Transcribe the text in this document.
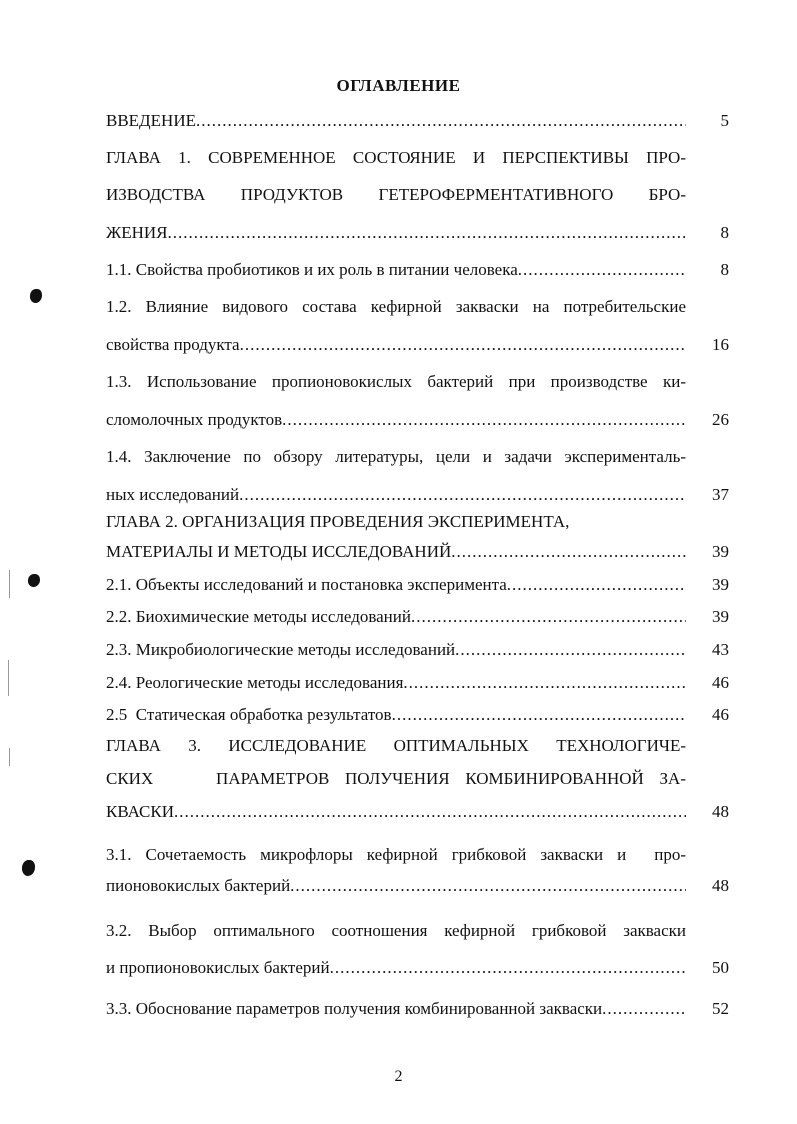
ОГЛАВЛЕНИЕ
ВВЕДЕНИЕ .....	5
ГЛАВА 1. СОВРЕМЕННОЕ СОСТОЯНИЕ И ПЕРСПЕКТИВЫ ПРО-
ИЗВОДСТВА ПРОДУКТОВ ГЕТЕРОФЕРМЕНТАТИВНОГО БРО-
ЖЕНИЯ .....	8
1.1. Свойства пробиотиков и их роль в питании человека .....	8
1.2. Влияние видового состава кефирной закваски на потребительские
свойства продукта .....	16
1.3. Использование пропионовокислых бактерий при производстве ки-
сломолочных продуктов .....	26
1.4. Заключение по обзору литературы, цели и задачи эксперименталь-
ных исследований .....	37
ГЛАВА 2. ОРГАНИЗАЦИЯ ПРОВЕДЕНИЯ ЭКСПЕРИМЕНТА,
МАТЕРИАЛЫ И МЕТОДЫ ИССЛЕДОВАНИЙ .....	39
2.1. Объекты исследований и постановка эксперимента .....	39
2.2. Биохимические методы исследований .....	39
2.3. Микробиологические методы исследований .....	43
2.4. Реологические методы исследования .....	46
2.5  Статическая обработка результатов .....	46
ГЛАВА 3. ИССЛЕДОВАНИЕ ОПТИМАЛЬНЫХ ТЕХНОЛОГИЧЕ-
СКИХ    ПАРАМЕТРОВ ПОЛУЧЕНИЯ КОМБИНИРОВАННОЙ ЗА-
КВАСКИ .....	48
3.1. Сочетаемость микрофлоры кефирной грибковой закваски и  про-
пионовокислых бактерий .....	48
3.2. Выбор оптимального соотношения кефирной грибковой закваски
и пропионовокислых бактерий .....	50
3.3. Обоснование параметров получения комбинированной закваски .....	52
2
